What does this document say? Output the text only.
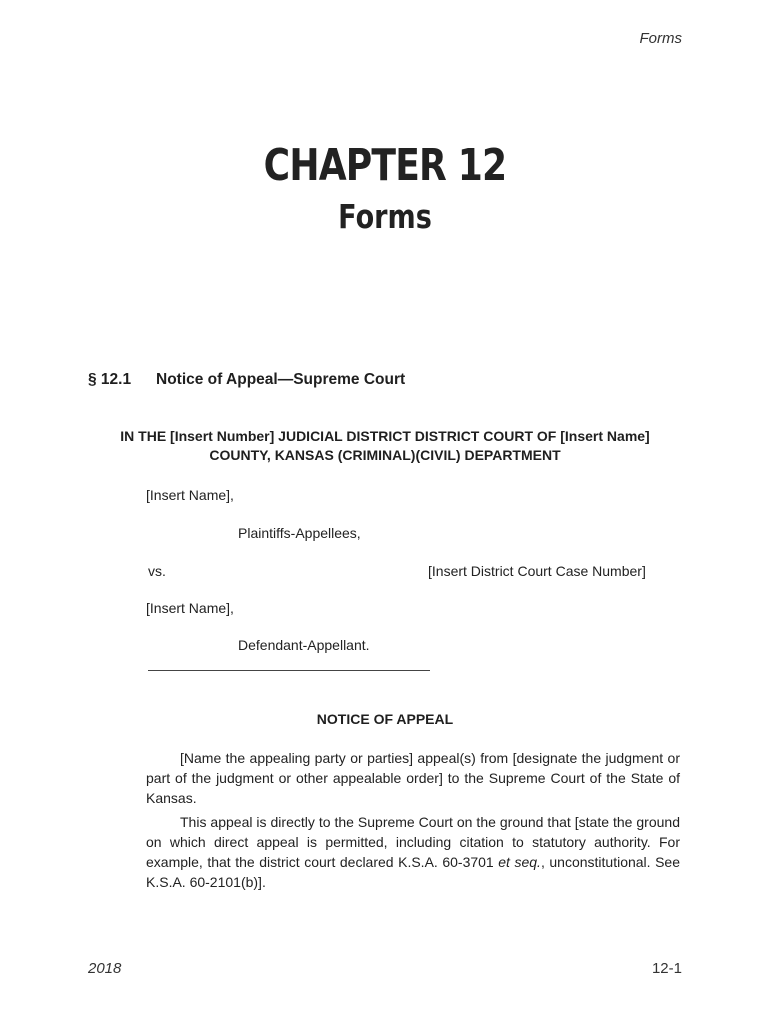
Forms
CHAPTER 12
Forms
§ 12.1 Notice of Appeal—Supreme Court
IN THE [Insert Number] JUDICIAL DISTRICT DISTRICT COURT OF [Insert Name]
COUNTY, KANSAS (CRIMINAL)(CIVIL) DEPARTMENT
[Insert Name],
Plaintiffs-Appellees,
vs.	[Insert District Court Case Number]
[Insert Name],
Defendant-Appellant.
NOTICE OF APPEAL
[Name the appealing party or parties] appeal(s) from [designate the judgment or part of the judgment or other appealable order] to the Supreme Court of the State of Kansas.
This appeal is directly to the Supreme Court on the ground that [state the ground on which direct appeal is permitted, including citation to statutory authority. For example, that the district court declared K.S.A. 60-3701 et seq., unconstitutional. See K.S.A. 60-2101(b)].
2018	12-1
